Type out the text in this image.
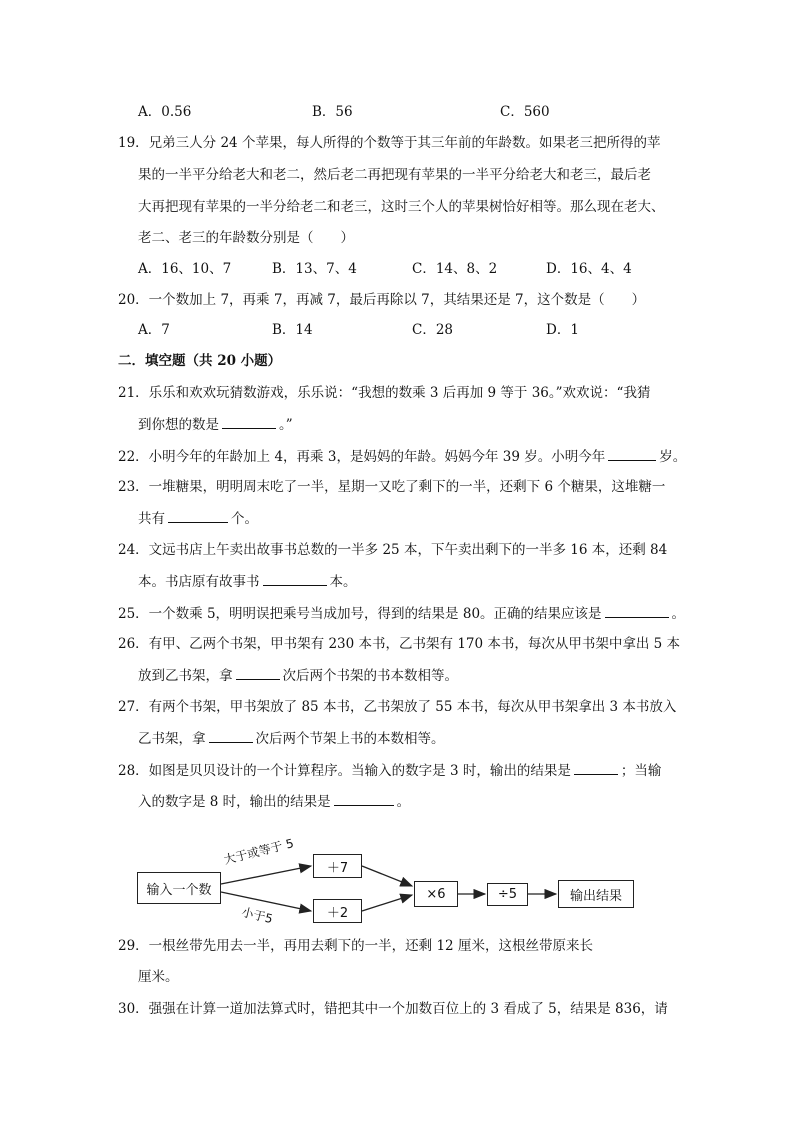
A．0.56	B．56	C．560
19．兄弟三人分 24 个苹果，每人所得的个数等于其三年前的年龄数。如果老三把所得的苹
果的一半平分给老大和老二，然后老二再把现有苹果的一半平分给老大和老三，最后老
大再把现有苹果的一半分给老二和老三，这时三个人的苹果树恰好相等。那么现在老大、
老二、老三的年龄数分别是（　　）
A．16、10、7	B．13、7、4	C．14、8、2	D．16、4、4
20．一个数加上 7，再乘 7，再减 7，最后再除以 7，其结果还是 7，这个数是（　　）
A．7	B．14	C．28	D．1
二．填空题（共 20 小题）
21．乐乐和欢欢玩猜数游戏，乐乐说：“我想的数乘 3 后再加 9 等于 36。”欢欢说：“我猜
到你想的数是	。”
22．小明今年的年龄加上 4，再乘 3，是妈妈的年龄。妈妈今年 39 岁。小明今年	岁。
23．一堆糖果，明明周末吃了一半，星期一又吃了剩下的一半，还剩下 6 个糖果，这堆糖一
共有	个。
24．文远书店上午卖出故事书总数的一半多 25 本，下午卖出剩下的一半多 16 本，还剩 84
本。书店原有故事书	本。
25．一个数乘 5，明明误把乘号当成加号，得到的结果是 80。正确的结果应该是	。
26．有甲、乙两个书架，甲书架有 230 本书，乙书架有 170 本书，每次从甲书架中拿出 5 本
放到乙书架，拿	次后两个书架的书本数相等。
27．有两个书架，甲书架放了 85 本书，乙书架放了 55 本书，每次从甲书架拿出 3 本书放入
乙书架，拿	次后两个节架上书的本数相等。
28．如图是贝贝设计的一个计算程序。当输入的数字是 3 时，输出的结果是	；当输
入的数字是 8 时，输出的结果是	。
输入一个数
＋7
＋2
×6	÷5	输出结果
大于或等于 5
小于5
29．一根丝带先用去一半，再用去剩下的一半，还剩 12 厘米，这根丝带原来长
厘米。
30．强强在计算一道加法算式时，错把其中一个加数百位上的 3 看成了 5，结果是 836，请
